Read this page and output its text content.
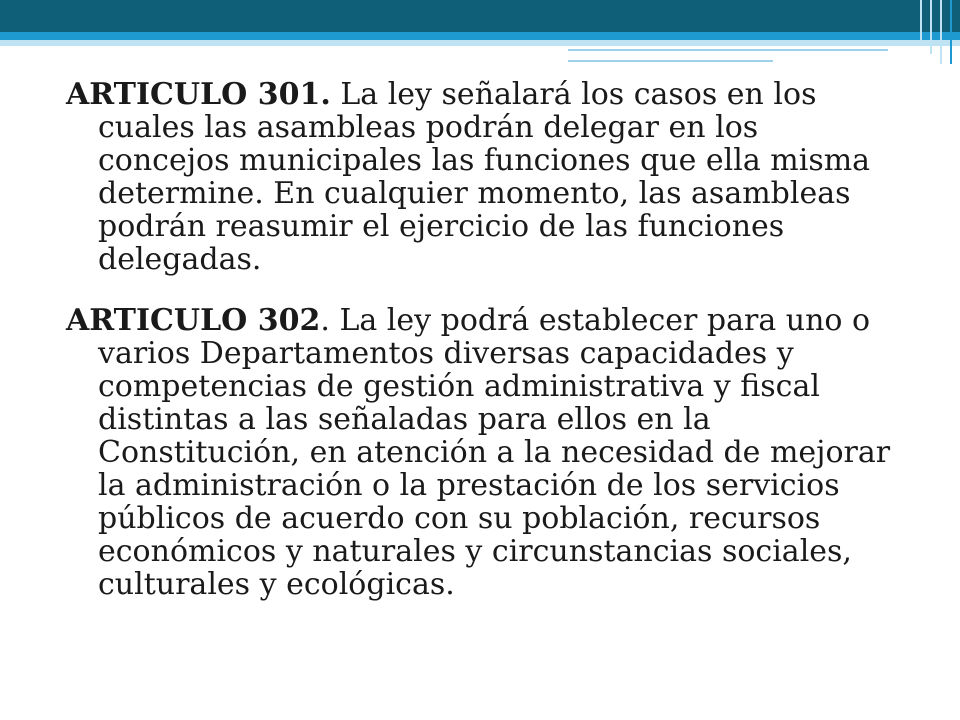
ARTICULO 301. La ley señalará los casos en los cuales las asambleas podrán delegar en los concejos municipales las funciones que ella misma determine. En cualquier momento, las asambleas podrán reasumir el ejercicio de las funciones delegadas.

ARTICULO 302. La ley podrá establecer para uno o varios Departamentos diversas capacidades y competencias de gestión administrativa y fiscal distintas a las señaladas para ellos en la Constitución, en atención a la necesidad de mejorar la administración o la prestación de los servicios públicos de acuerdo con su población, recursos económicos y naturales y circunstancias sociales, culturales y ecológicas.
